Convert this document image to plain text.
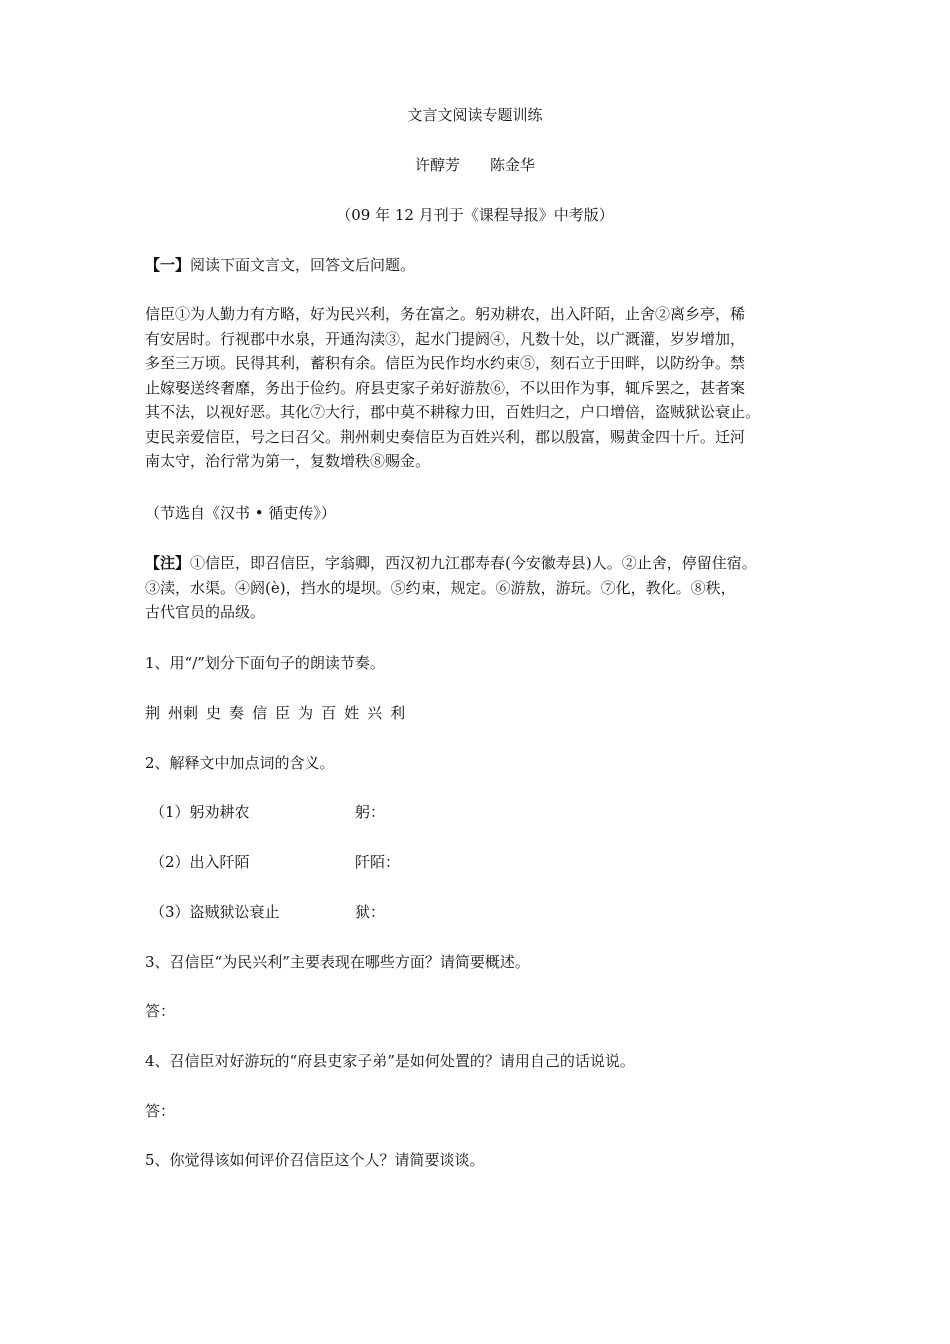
文言文阅读专题训练
许醇芳 陈金华
（09 年 12 月刊于《课程导报》中考版）
【一】阅读下面文言文，回答文后问题。

信臣①为人勤力有方略，好为民兴利，务在富之。躬劝耕农，出入阡陌，止舍②离乡亭，稀

有安居时。行视郡中水泉，开通沟渎③，起水门提阏④，凡数十处，以广溉灌，岁岁增加，

多至三万顷。民得其利，蓄积有余。信臣为民作均水约束⑤，刻石立于田畔，以防纷争。禁

止嫁娶送终奢靡，务出于俭约。府县吏家子弟好游敖⑥，不以田作为事，辄斥罢之，甚者案

其不法，以视好恶。其化⑦大行，郡中莫不耕稼力田，百姓归之，户口增倍，盗贼狱讼衰止。

吏民亲爱信臣，号之曰召父。荆州刺史奏信臣为百姓兴利，郡以殷富，赐黄金四十斤。迁河

南太守，治行常为第一，复数增秩⑧赐金。

（节选自《汉书 • 循吏传》）

【注】①信臣，即召信臣，字翁卿，西汉初九江郡寿春(今安徽寿县)人。②止舍，停留住宿。

③渎，水渠。④阏(è)，挡水的堤坝。⑤约束，规定。⑥游敖，游玩。⑦化，教化。⑧秩，

古代官员的品级。

1、用“/”划分下面句子的朗读节奏。
荆 州刺 史 奏 信 臣 为 百 姓 兴 利
2、解释文中加点词的含义。
（1）躬劝耕农	躬：
（2）出入阡陌	阡陌：
（3）盗贼狱讼衰止	狱：
3、召信臣“为民兴利”主要表现在哪些方面？请简要概述。
答：
4、召信臣对好游玩的“府县吏家子弟”是如何处置的？请用自己的话说说。
答：
5、你觉得该如何评价召信臣这个人？请简要谈谈。
